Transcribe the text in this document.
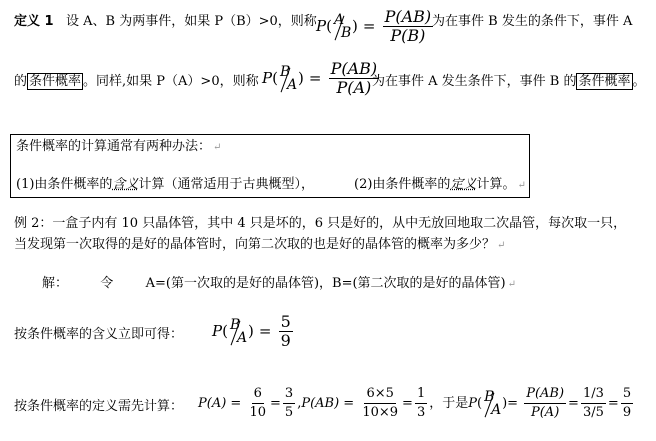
定义 1 设 A、B 为两事件，如果 P（B）>0，则称 P( A
B ) = $\frac{P(AB)}{P(B)}$
为在事件 B 发生的条件下，事件 A
的 条件概率 。同样,如果 P（A）>0，则称 P( B
A ) = $\frac{P(AB)}{P(A)}$
为在事件 A 发生条件下，事件 B 的 条件概率 。
条件概率的计算通常有两种办法： ↵
(1)由条件概率的含义计算（通常适用于古典概型），	(2)由条件概率的定义计算。 ↵
例 2：一盒子内有 10 只晶体管，其中 4 只是坏的，6 只是好的，从中无放回地取二次晶管，每次取一只，
当发现第一次取得的是好的晶体管时，向第二次取的也是好的晶体管的概率为多少？ ↵
解： 令 A=(第一次取的是好的晶体管)，B=(第二次取的是好的晶体管) ↵
按条件概率的含义立即可得： P( B
A ) = $\frac{5}{9}$
按条件概率的定义需先计算： $P(A) = \frac{6}{10} = \frac{3}{5} ,P(AB) = \frac{6\times 5}{10\times 9} = \frac{1}{3}$ ，于是P( B
A )= $\frac{P(AB)}{P(A)} = \frac{1/3}{3/5} = \frac{5}{9}$
